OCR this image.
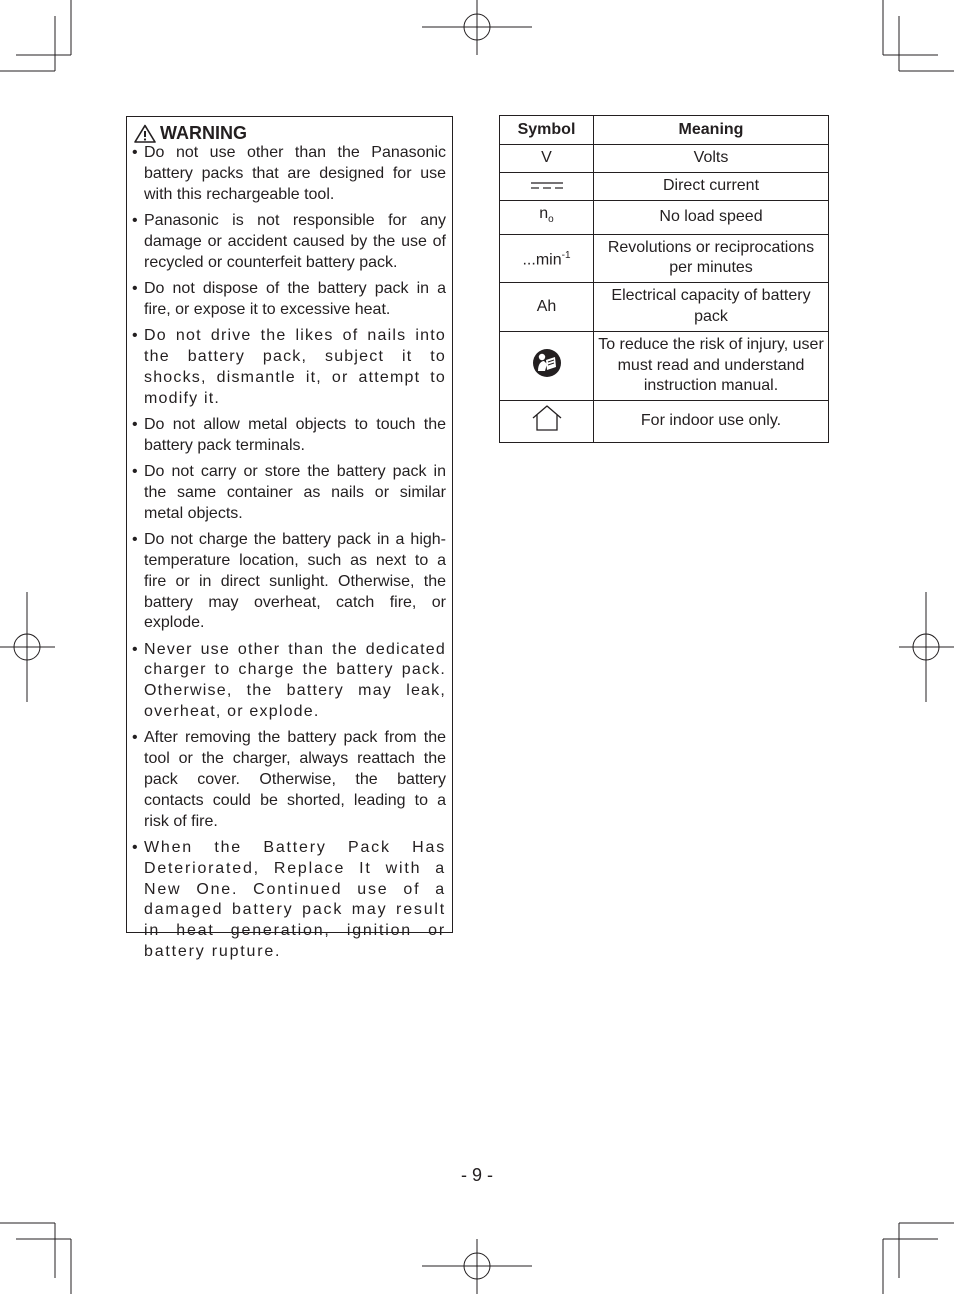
WARNING
• Do not use other than the Panasonic battery packs that are designed for use with this rechargeable tool.
• Panasonic is not responsible for any damage or accident caused by the use of recycled or counterfeit battery pack.
• Do not dispose of the battery pack in a fire, or expose it to excessive heat.
• Do not drive the likes of nails into the battery pack, subject it to shocks, dismantle it, or attempt to modify it.
• Do not allow metal objects to touch the battery pack terminals.
• Do not carry or store the battery pack in the same container as nails or similar metal objects.
• Do not charge the battery pack in a high-temperature location, such as next to a fire or in direct sunlight. Otherwise, the battery may overheat, catch fire, or explode.
• Never use other than the dedicated charger to charge the battery pack. Otherwise, the battery may leak, overheat, or explode.
• After removing the battery pack from the tool or the charger, always reattach the pack cover. Otherwise, the battery contacts could be shorted, leading to a risk of fire.
• When the Battery Pack Has Deteriorated, Replace It with a New One. Continued use of a damaged battery pack may result in heat generation, ignition or battery rupture.
Symbol	Meaning
V	Volts
	Direct current
$n_o$	No load speed
$...\min^{-1}$	Revolutions or reciprocations per minutes
Ah	Electrical capacity of battery pack
	To reduce the risk of injury, user must read and understand instruction manual.
	For indoor use only.
- 9 -
